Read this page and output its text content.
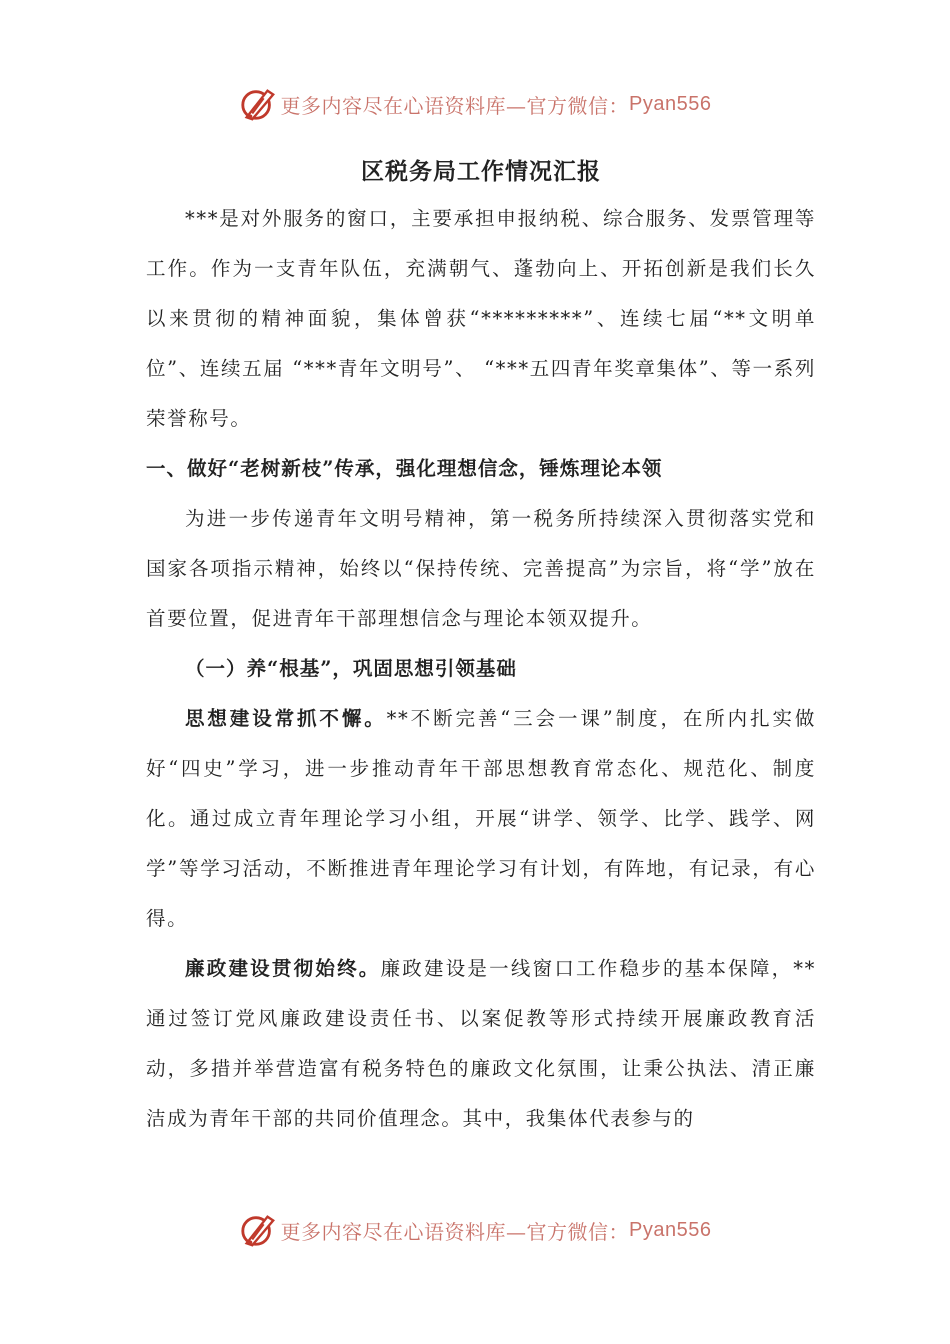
更多内容尽在心语资料库—官方微信： Pyan556
区税务局工作情况汇报

***是对外服务的窗口，主要承担申报纳税、综合服务、发票管理等工作。作为一支青年队伍，充满朝气、蓬勃向上、开拓创新是我们长久以来贯彻的精神面貌，集体曾获“*********”、连续七届“**文明单位”、连续五届 “***青年文明号”、 “***五四青年奖章集体”、等一系列荣誉称号。

一、做好“老树新枝”传承，强化理想信念，锤炼理论本领

为进一步传递青年文明号精神，第一税务所持续深入贯彻落实党和国家各项指示精神，始终以“保持传统、完善提高”为宗旨，将“学”放在首要位置，促进青年干部理想信念与理论本领双提升。

（一）养“根基”，巩固思想引领基础

思想建设常抓不懈。**不断完善“三会一课”制度，在所内扎实做好“四史”学习，进一步推动青年干部思想教育常态化、规范化、制度化。通过成立青年理论学习小组，开展“讲学、领学、比学、践学、网学”等学习活动，不断推进青年理论学习有计划，有阵地，有记录，有心得。

廉政建设贯彻始终。廉政建设是一线窗口工作稳步的基本保障，**通过签订党风廉政建设责任书、以案促教等形式持续开展廉政教育活动，多措并举营造富有税务特色的廉政文化氛围，让秉公执法、清正廉洁成为青年干部的共同价值理念。其中，我集体代表参与的

更多内容尽在心语资料库—官方微信： Pyan556
